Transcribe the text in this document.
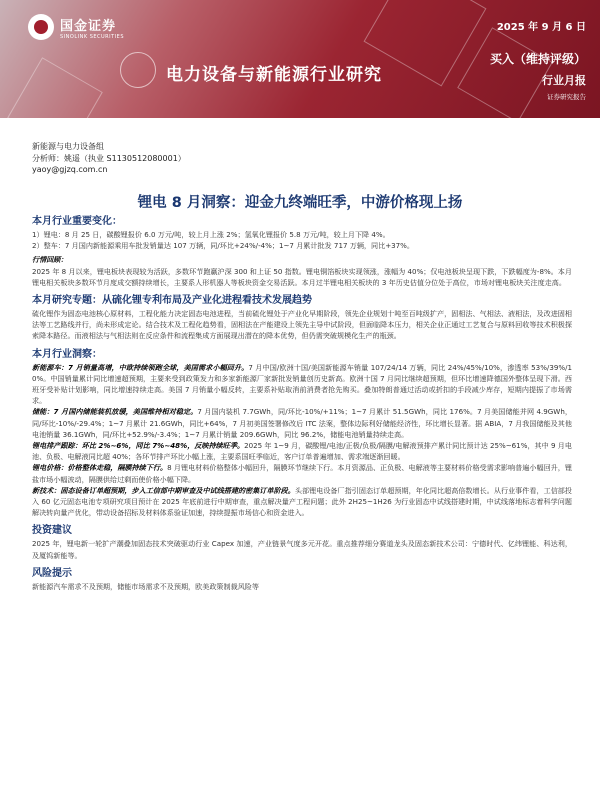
国金证券
SINOLINK SECURITIES
2025 年 9 月 6 日
电力设备与新能源行业研究
买入（维持评级）
行业月报
证券研究报告
新能源与电力设备组
分析师：姚遥（执业 S1130512080001）
yaoy@gjzq.com.cn
锂电 8 月洞察：迎金九终端旺季，中游价格现上扬
本月行业重要变化：
1）锂电：8 月 25 日，碳酸锂报价 6.0 万元/吨，较上月上涨 2%；氢氧化锂报价 5.8 万元/吨，较上月下降 4%。
2）整车：7 月国内新能源乘用车批发销量达 107 万辆，同/环比+24%/-4%；1~7 月累计批发 717 万辆，同比+37%。
行情回顾：
2025 年 8 月以来，锂电板块表现较为活跃，多数环节跑赢沪深 300 和上证 50 指数。锂电铜箔板块实现领涨，涨幅为 40%；仅电池板块呈现下跌，下跌幅度为-8%。本月锂电相关板块多数环节月度成交额持续增长，主要系人形机器人等板块资金交易活跃。本月过半锂电相关板块的 3 年历史估值分位处于高位，市场对锂电板块关注度走高。
本月研究专题：从硫化锂专利布局及产业化进程看技术发展趋势
硫化锂作为固态电池核心原材料，工程化能力决定固态电池进程，当前硫化锂处于产业化早期阶段，领先企业规划十吨至百吨级扩产，固相法、气相法、液相法，及改进固相法等工艺路线并行，尚未形成定论。结合技术及工程化趋势看，固相法在产能建设上领先主导中试阶段，但面临降本压力，相关企业正通过工艺复合与原料回收等技术积极探索降本路径。而液相法与气相法则在反应条件和流程集成方面展现出潜在的降本优势，但仍需突破规模化生产的瓶颈。
本月行业洞察：
新能源车：7 月销量高增，中欧持续领跑全球，美国需求小幅回升。7 月中国/欧洲十国/美国新能源车销量 107/24/14 万辆，同比 24%/45%/10%，渗透率 53%/39%/10%。中国销量累计同比增速超预期，主要来受到政策发力和多家新能源厂家新批发销量创历史新高。欧洲十国 7 月同比继续超预期，但环比增速降德国外整体呈现下滑。西班牙受补贴计划影响，同比增速持续走高。美国 7 月销量小幅反转，主要系补贴取消前消费者抢先购买。叠加特朗普通过活动或折扣的手段减少库存，短期内提振了市场需求。
储能：7 月国内储能装机放缓，美国维持相对稳定。7 月国内装机 7.7GWh，同/环比-10%/+11%；1~7 月累计 51.5GWh，同比 176%。7 月美国储能并网 4.9GWh，同/环比-10%/-29.4%；1~7 月累计 21.6GWh，同比+64%，7 月初美国签署修改后 ITC 法案，整体边际利好储能经济性，环比增长显著。据 ABIA，7 月我国储能及其他电池销量 36.1GWh，同/环比+52.9%/-3.4%；1~7 月累计销量 209.6GWh，同比 96.2%，储能电池销量持续走高。
锂电排产跟踪：环比 2%~6%，同比 7%~48%，反映持续旺季。2025 年 1~9 月，碳酸锂/电池/正极/负极/隔膜/电解液预排产累计同比预计达 25%~61%，其中 9 月电池、负极、电解液同比超 40%；各环节排产环比小幅上涨，主要系国旺季临近，客户订单普遍增加、需求端逐渐回暖。
锂电价格：价格整体走稳，隔膜持续下行。8 月锂电材料价格整体小幅回升，隔膜环节继续下行。本月资源品、正负极、电解液等主要材料价格受需求影响普遍小幅回升，锂盐市场小幅波动，隔膜供给过剩而使价格小幅下降。
新技术：固态设备订单超预期，步入工信部中期审查及中试线搭建的密集订单阶段。头部锂电设备厂指引固态订单超预期，年化同比超高倍数增长。从行业事件看，工信部投入 60 亿元固态电池专项研究项目预计在 2025 年底前进行中期审查，重点解决量产工程问题；此外 2H25~1H26 为行业固态中试线搭建时期，中试线落地标志着科学问题解决转向量产优化，带动设备招标及材料体系验证加速，持续提振市场信心和资金进入。
投资建议
2025 年，锂电新一轮扩产潮叠加固态技术突破驱动行业 Capex 加速，产业链景气度多元开花。重点推荐细分赛道龙头及固态新技术公司：宁德时代、亿纬锂能、科达利，及厦钨新能等。
风险提示
新能源汽车需求不及预期，储能市场需求不及预期，欧美政策制裁风险等
